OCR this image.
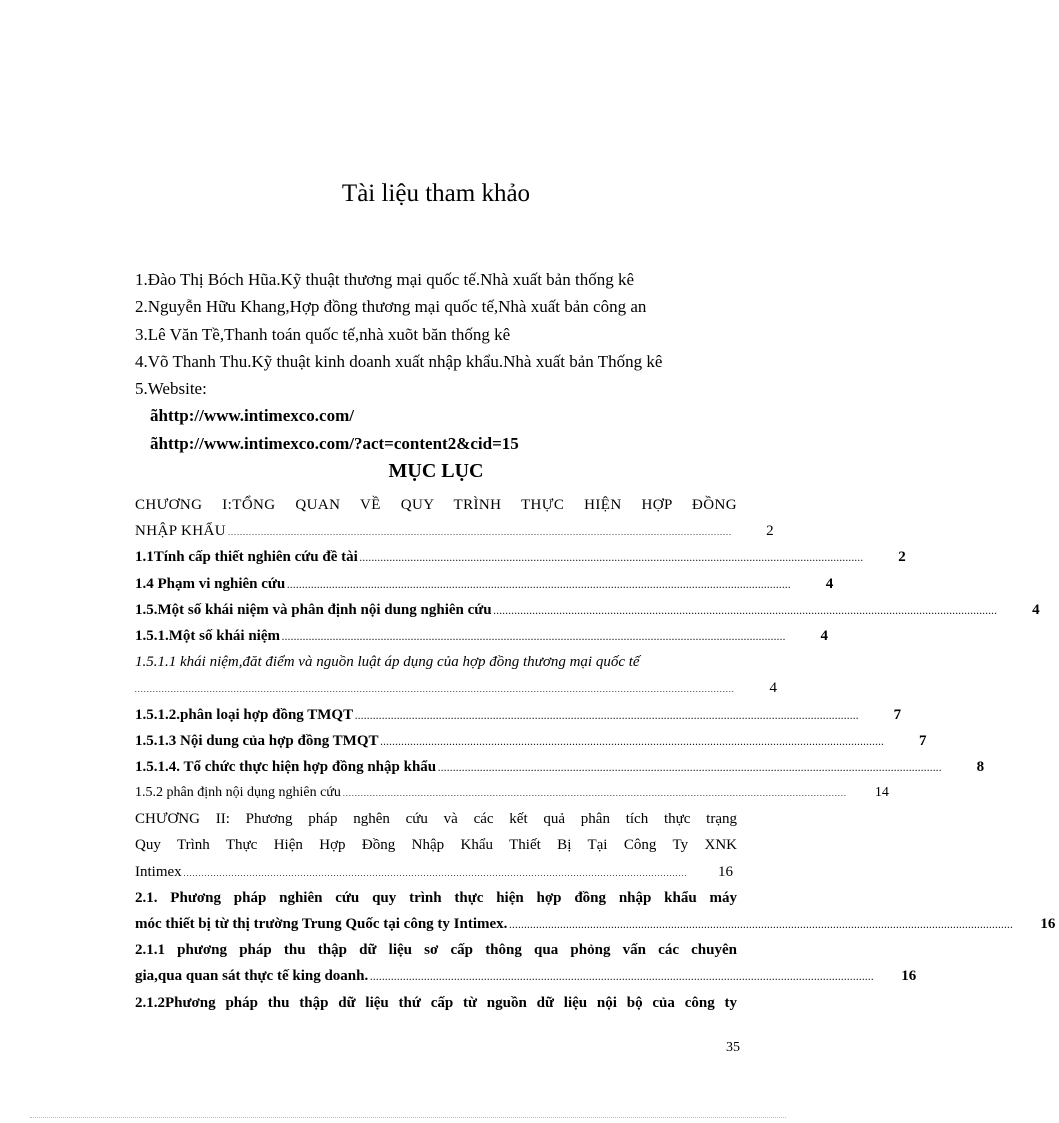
Tài liệu tham khảo
1.Đào Thị Bóch Hũa.Kỹ thuật thương mại quốc tế.Nhà xuất bản thống kê
2.Nguyễn Hữu Khang,Hợp đồng thương mại quốc tế,Nhà xuất bản công an
3.Lê Văn Tề,Thanh toán quốc tế,nhà xuõt băn thống kê
4.Võ Thanh Thu.Kỹ thuật kinh doanh xuất nhập khẩu.Nhà xuất bản Thống kê
5.Website:
ãhttp://www.intimexco.com/
ãhttp://www.intimexco.com/?act=content2&cid=15
MỤC LỤC
CHƯƠNG I:TỔNG QUAN VỀ QUY TRÌNH THỰC HIỆN HỢP ĐỒNG
NHẬP KHẨU ........................................................................................................................................................................	2
1.1Tính cấp thiết nghiên cứu đề tài ........................................................................................................................................................................	2
1.4 Phạm vi nghiên cứu ........................................................................................................................................................................	4
1.5.Một số khái niệm và phân định nội dung nghiên cứu ........................................................................................................................................................................	4
1.5.1.Một số khái niệm ........................................................................................................................................................................	4
1.5.1.1 khái niệm,đăt điểm và nguồn luật áp dụng của hợp đồng thương mại quốc tế
........................................................................................................................................................................................................	4
1.5.1.2.phân loại hợp đồng TMQT ........................................................................................................................................................................	7
1.5.1.3 Nội dung của hợp đồng TMQT ........................................................................................................................................................................	7
1.5.1.4. Tổ chức thực hiện hợp đồng nhập khẩu ........................................................................................................................................................................	8
1.5.2 phân định nội dụng nghiên cứu ........................................................................................................................................................................	14
CHƯƠNG II: Phương pháp nghên cứu và các kết quả phân tích thực trạng
Quy Trình Thực Hiện Hợp Đồng Nhập Khẩu Thiết Bị Tại Công Ty XNK
Intimex ........................................................................................................................................................................	16
2.1. Phương pháp nghiên cứu quy trình thực hiện hợp đồng nhập khẩu máy
móc thiết bị từ thị trường Trung Quốc tại công ty Intimex. ........................................................................................................................................................................	16
2.1.1 phương pháp thu thập dữ liệu sơ cấp thông qua phỏng vấn các chuyên
gia,qua quan sát thực tế king doanh. ........................................................................................................................................................................	16
2.1.2Phương pháp thu thập dữ liệu thứ cấp từ nguồn dữ liệu nội bộ của công ty
35
